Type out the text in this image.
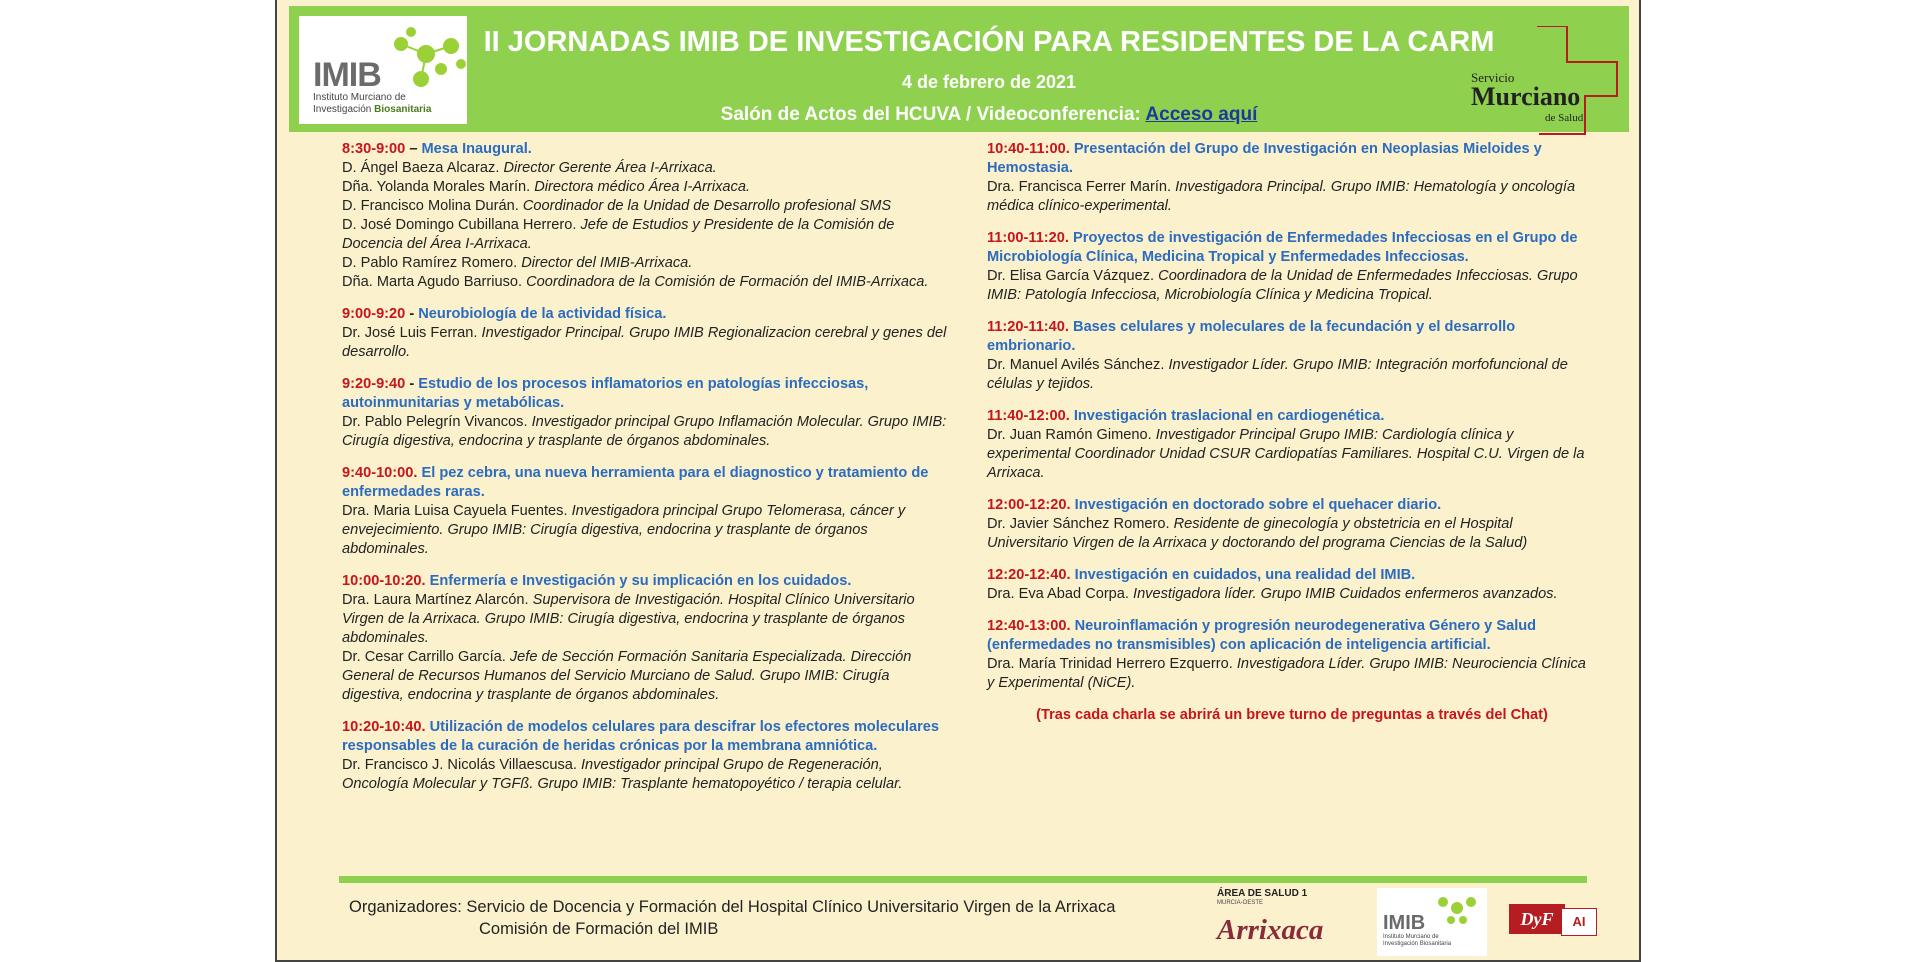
IMIB
Instituto Murciano de
Investigación Biosanitaria
II JORNADAS IMIB DE INVESTIGACIÓN PARA RESIDENTES DE LA CARM
4 de febrero de 2021
Salón de Actos del HCUVA / Videoconferencia: Acceso aquí
Servicio
Murciano
de Salud
8:30-9:00 – Mesa Inaugural.
D. Ángel Baeza Alcaraz. Director Gerente Área I-Arrixaca.
Dña. Yolanda Morales Marín. Directora médico Área I-Arrixaca.
D. Francisco Molina Durán. Coordinador de la Unidad de Desarrollo profesional SMS
D. José Domingo Cubillana Herrero. Jefe de Estudios y Presidente de la Comisión de Docencia del Área I-Arrixaca.
D. Pablo Ramírez Romero. Director del IMIB-Arrixaca.
Dña. Marta Agudo Barriuso. Coordinadora de la Comisión de Formación del IMIB-Arrixaca.
9:00-9:20 - Neurobiología de la actividad física.
Dr. José Luis Ferran. Investigador Principal. Grupo IMIB Regionalizacion cerebral y genes del desarrollo.
9:20-9:40 - Estudio de los procesos inflamatorios en patologías infecciosas, autoinmunitarias y metabólicas.
Dr. Pablo Pelegrín Vivancos. Investigador principal Grupo Inflamación Molecular. Grupo IMIB: Cirugía digestiva, endocrina y trasplante de órganos abdominales.
9:40-10:00. El pez cebra, una nueva herramienta para el diagnostico y tratamiento de enfermedades raras.
Dra. Maria Luisa Cayuela Fuentes. Investigadora principal Grupo Telomerasa, cáncer y envejecimiento. Grupo IMIB: Cirugía digestiva, endocrina y trasplante de órganos abdominales.
10:00-10:20. Enfermería e Investigación y su implicación en los cuidados.
Dra. Laura Martínez Alarcón. Supervisora de Investigación. Hospital Clínico Universitario Virgen de la Arrixaca. Grupo IMIB: Cirugía digestiva, endocrina y trasplante de órganos abdominales.
Dr. Cesar Carrillo García. Jefe de Sección Formación Sanitaria Especializada. Dirección General de Recursos Humanos del Servicio Murciano de Salud. Grupo IMIB: Cirugía digestiva, endocrina y trasplante de órganos abdominales.
10:20-10:40. Utilización de modelos celulares para descifrar los efectores moleculares responsables de la curación de heridas crónicas por la membrana amniótica.
Dr. Francisco J. Nicolás Villaescusa. Investigador principal Grupo de Regeneración, Oncología Molecular y TGFß. Grupo IMIB: Trasplante hematopoyético / terapia celular.
10:40-11:00. Presentación del Grupo de Investigación en Neoplasias Mieloides y Hemostasia.
Dra. Francisca Ferrer Marín. Investigadora Principal. Grupo IMIB: Hematología y oncología médica clínico-experimental.
11:00-11:20. Proyectos de investigación de Enfermedades Infecciosas en el Grupo de Microbiología Clínica, Medicina Tropical y Enfermedades Infecciosas.
Dr. Elisa García Vázquez. Coordinadora de la Unidad de Enfermedades Infecciosas. Grupo IMIB: Patología Infecciosa, Microbiología Clínica y Medicina Tropical.
11:20-11:40. Bases celulares y moleculares de la fecundación y el desarrollo embrionario.
Dr. Manuel Avilés Sánchez. Investigador Líder. Grupo IMIB: Integración morfofuncional de células y tejidos.
11:40-12:00. Investigación traslacional en cardiogenética.
Dr. Juan Ramón Gimeno. Investigador Principal Grupo IMIB: Cardiología clínica y experimental Coordinador Unidad CSUR Cardiopatías Familiares. Hospital C.U. Virgen de la Arrixaca.
12:00-12:20. Investigación en doctorado sobre el quehacer diario.
Dr. Javier Sánchez Romero. Residente de ginecología y obstetricia en el Hospital Universitario Virgen de la Arrixaca y doctorando del programa Ciencias de la Salud)
12:20-12:40. Investigación en cuidados, una realidad del IMIB.
Dra. Eva Abad Corpa. Investigadora líder. Grupo IMIB Cuidados enfermeros avanzados.
12:40-13:00. Neuroinflamación y progresión neurodegenerativa Género y Salud (enfermedades no transmisibles) con aplicación de inteligencia artificial.
Dra. María Trinidad Herrero Ezquerro. Investigadora Líder. Grupo IMIB: Neurociencia Clínica y Experimental (NiCE).
(Tras cada charla se abrirá un breve turno de preguntas a través del Chat)
Organizadores: Servicio de Docencia y Formación del Hospital Clínico Universitario Virgen de la Arrixaca
Comisión de Formación del IMIB
ÁREA DE SALUD 1
MURCIA-OESTE
Arrixaca	IMIB
Instituto Murciano de
Investigación Biosanitaria
DyF	AI
